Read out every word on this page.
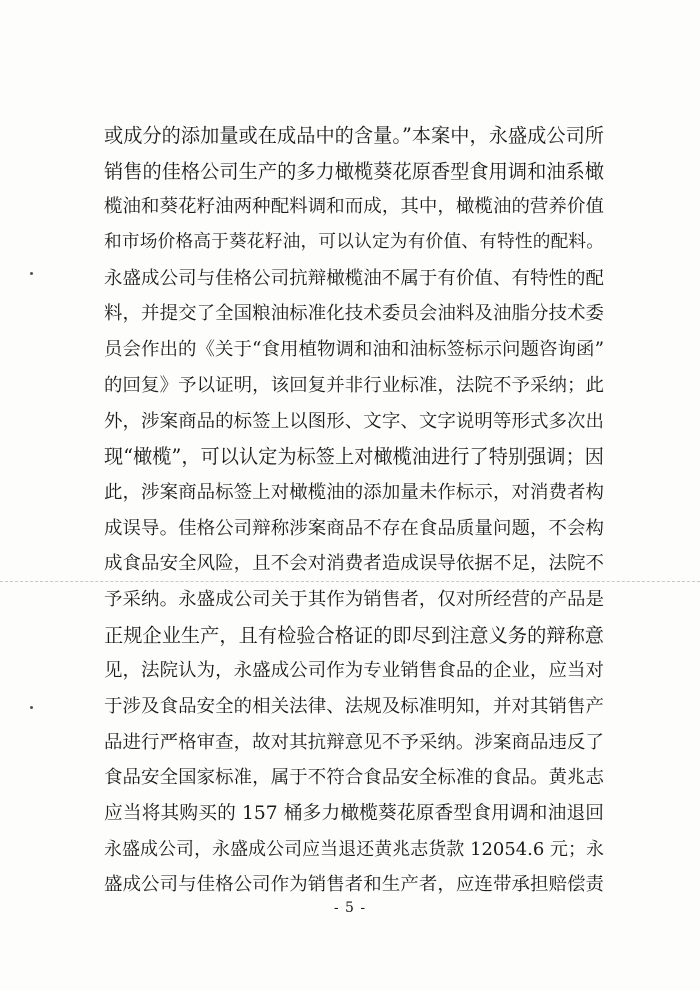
或成分的添加量或在成品中的含量。”本案中，永盛成公司所
销售的佳格公司生产的多力橄榄葵花原香型食用调和油系橄
榄油和葵花籽油两种配料调和而成，其中，橄榄油的营养价值
和市场价格高于葵花籽油，可以认定为有价值、有特性的配料。
永盛成公司与佳格公司抗辩橄榄油不属于有价值、有特性的配
料，并提交了全国粮油标准化技术委员会油料及油脂分技术委
员会作出的《关于“食用植物调和油和油标签标示问题咨询函”
的回复》予以证明，该回复并非行业标准，法院不予采纳；此
外，涉案商品的标签上以图形、文字、文字说明等形式多次出
现“橄榄”，可以认定为标签上对橄榄油进行了特别强调；因
此，涉案商品标签上对橄榄油的添加量未作标示，对消费者构
成误导。佳格公司辩称涉案商品不存在食品质量问题，不会构
成食品安全风险，且不会对消费者造成误导依据不足，法院不
予采纳。永盛成公司关于其作为销售者，仅对所经营的产品是
正规企业生产，且有检验合格证的即尽到注意义务的辩称意
见，法院认为，永盛成公司作为专业销售食品的企业，应当对
于涉及食品安全的相关法律、法规及标准明知，并对其销售产
品进行严格审查，故对其抗辩意见不予采纳。涉案商品违反了
食品安全国家标准，属于不符合食品安全标准的食品。黄兆志
应当将其购买的 157 桶多力橄榄葵花原香型食用调和油退回
永盛成公司，永盛成公司应当退还黄兆志货款 12054.6 元；永
盛成公司与佳格公司作为销售者和生产者，应连带承担赔偿责
- 5 -
